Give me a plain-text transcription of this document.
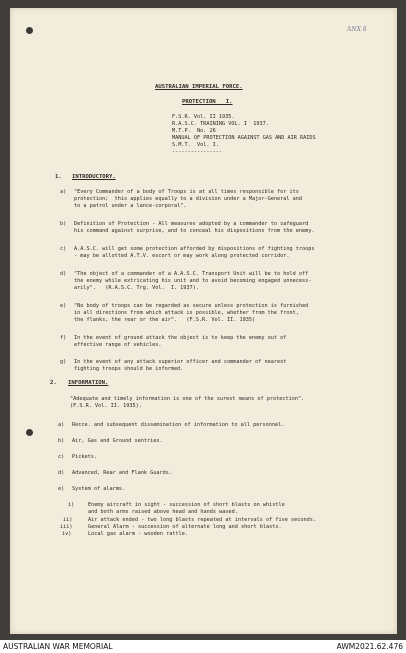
ANX 8
AUSTRALIAN IMPERIAL FORCE.
PROTECTION   I.
F.S.R. Vol. II 1935.
R.A.S.C. TRAINING VOL. I  1937.
M.T.P.  No. 26
MANUAL OF PROTECTION AGAINST GAS AND AIR RAIDS
S.M.T.  Vol. I.
----------------
1. INTRODUCTORY.
a) "Every Commander of a body of Troops is at all times responsible for its
protection;  this applies equally to a division under a Major-General and
to a patrol under a lance-corporal".
b) Definition of Protection - All measures adopted by a commander to safeguard
his command against surprise, and to conceal his dispositions from the enemy.
c) A.A.S.C. will get some protection afforded by dispositions of fighting troops
- may be allotted A.T.V. escort or may work along protected corridor.
d) "The object of a commander of a A.A.S.C. Transport Unit will be to hold off
the enemy while extricating his unit and to avoid becoming engaged unnecess-
arily".   (R.A.S.C. Trg. Vol.  I. 1937).
e) "No body of troops can be regarded as secure unless protection is furnished
in all directions from which attack is possible, whether from the front,
the flanks, the rear or the air".   (F.S.R. Vol. II. 1935)
f) In the event of ground attack the object is to keep the enemy out of
effective range of vehicles.
g) In the event of any attack superior officer and commander of nearest
fighting troops should be informed.
2. INFORMATION.
"Adequate and timely information is one of the surest means of protection".
(F.S.R. Vol. II. 1935).
a) Recce. and subsequent dissemination of information to all personnel.
b) Air, Gas and Ground sentries.
c) Pickets.
d) Advanced, Rear and Flank Guards.
e) System of alarms.
i)	Enemy aircraft in sight - succession of short blasts on whistle
and both arms raised above head and hands waved.
ii)	Air attack ended - two long blasts repeated at intervals of five seconds.
iii)	General Alarm - succession of alternate long and short blasts.
iv)	Local gas alarm - wooden rattle.
AUSTRALIAN WAR MEMORIAL	AWM2021.62.476
